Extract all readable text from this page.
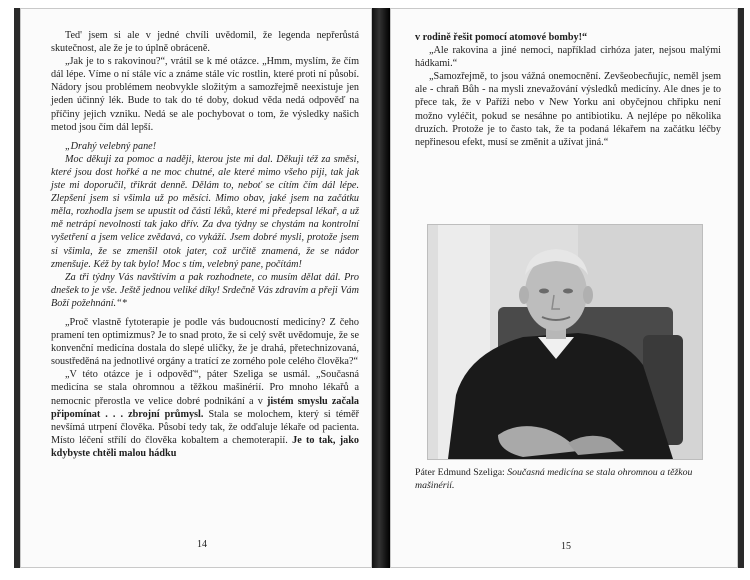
Ted' jsem si ale v jedné chvíli uvědomil, že legenda nepřerůstá skutečnost, ale že je to úplně obráceně.

„Jak je to s rakovinou?“, vrátil se k mé otázce. „Hmm, myslím, že čím dál lépe. Víme o ní stále víc a známe stále víc rostlin, které proti ní působí. Nádory jsou problémem neobvykle složitým a samozřejmě neexistuje jen jeden účinný lék. Bude to tak do té doby, dokud věda nedá odpověď na příčiny jejich vzniku. Nedá se ale pochybovat o tom, že výsledky našich metod jsou čím dál lepší.

„Drahý velebný pane!

Moc děkuji za pomoc a naději, kterou jste mi dal. Děkuji též za směsi, které jsou dost hořké a ne moc chutné, ale které mimo všeho piji, tak jak jste mi doporučil, třikrát denně. Dělám to, neboť se cítím čím dál lépe. Zlepšení jsem si všimla už po měsíci. Mimo obav, jaké jsem na začátku měla, rozhodla jsem se upustit od části léků, které mi předepsal lékař, a už mě netrápí nevolnosti tak jako dřív. Za dva týdny se chystám na kontrolní vyšetření a jsem velice zvědavá, co vykáží. Jsem dobré mysli, protože jsem si všimla, že se zmenšil otok jater, což určitě znamená, že se nádor zmenšuje. Kéž by tak bylo! Moc s tím, velebný pane, počítám!

Za tři týdny Vás navštívím a pak rozhodnete, co musím dělat dál. Pro dnešek to je vše. Ještě jednou veliké díky! Srdečně Vás zdravím a přeji Vám Boží požehnání.“*

„Proč vlastně fytoterapie je podle vás budoucností medicíny? Z čeho pramení ten optimizmus? Je to snad proto, že si celý svět uvědomuje, že se konvenční medicína dostala do slepé uličky, že je drahá, přetechnizovaná, soustředěná na jednotlivé orgány a tratící ze zorného pole celého člověka?“

„V této otázce je i odpověď“, páter Szeliga se usmál. „Současná medicína se stala ohromnou a těžkou mašinérií. Pro mnoho lékařů a nemocnic přerostla ve velice dobré podnikání a v jistém smyslu začala připomínat . . . zbrojní průmysl. Stala se molochem, který si téměř nevšímá utrpení člověka. Působí tedy tak, že odďaluje lékaře od pacienta. Místo léčení střílí do člověka kobaltem a chemoterapií. Je to tak, jako kdybyste chtěli malou hádku

14

v rodině řešit pomocí atomové bomby!“

„Ale rakovina a jiné nemoci, například cirhóza jater, nejsou malými hádkami.“

„Samozřejmě, to jsou vážná onemocnění. Zevšeobecňujíc, neměl jsem ale - chraň Bůh - na mysli znevažování výsledků medicíny. Ale dnes je to přece tak, že v Paříži nebo v New Yorku ani obyčejnou chřipku není možno vyléčit, pokud se nesáhne po antibiotiku. A nejlépe po několika druzích. Protože je to často tak, že ta podaná lékařem na začátku léčby nepřinesou efekt, musí se změnit a užívat jiná.“

Páter Edmund Szeliga: Současná medicína se stala ohromnou a těžkou mašinérií.
15
